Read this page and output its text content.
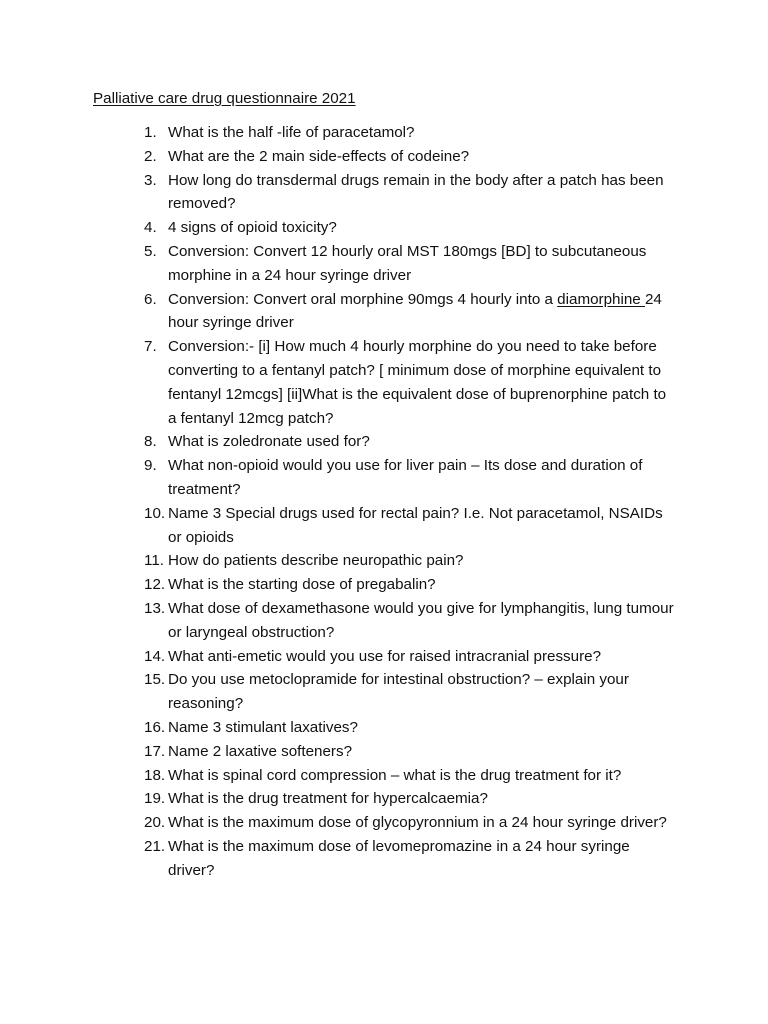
Palliative care drug questionnaire 2021
1. What is the half -life of paracetamol?
2. What are the 2 main side-effects of codeine?
3. How long do transdermal drugs remain in the body after a patch has been removed?
4. 4 signs of opioid toxicity?
5. Conversion: Convert 12 hourly oral MST 180mgs [BD] to subcutaneous morphine in a 24 hour syringe driver
6. Conversion: Convert oral morphine 90mgs 4 hourly into a diamorphine 24 hour syringe driver
7. Conversion:- [i] How much 4 hourly morphine do you need to take before converting to a fentanyl patch? [ minimum dose of morphine equivalent to fentanyl 12mcgs] [ii]What is the equivalent dose of buprenorphine patch to a fentanyl 12mcg patch?
8. What is zoledronate used for?
9. What non-opioid would you use for liver pain – Its dose and duration of treatment?
10. Name 3 Special drugs used for rectal pain? I.e. Not paracetamol, NSAIDs or opioids
11. How do patients describe neuropathic pain?
12. What is the starting dose of pregabalin?
13. What dose of dexamethasone would you give for lymphangitis, lung tumour or laryngeal obstruction?
14. What anti-emetic would you use for raised intracranial pressure?
15. Do you use metoclopramide for intestinal obstruction? – explain your reasoning?
16. Name 3 stimulant laxatives?
17. Name 2 laxative softeners?
18. What is spinal cord compression – what is the drug treatment for it?
19. What is the drug treatment for hypercalcaemia?
20. What is the maximum dose of glycopyronnium in a 24 hour syringe driver?
21. What is the maximum dose of levomepromazine in a 24 hour syringe driver?
